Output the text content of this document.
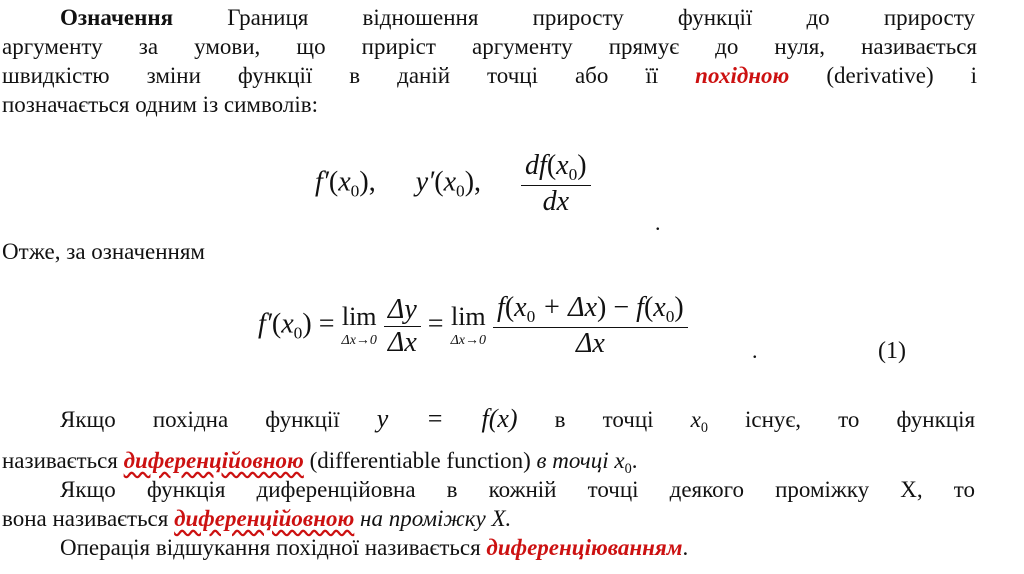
Означення Границя відношення приросту функції до приросту
аргументу за умови, що приріст аргументу прямує до нуля, називається
швидкістю зміни функції в даній точці або її похідною (derivative) і
позначається одним із символів:
$f'(x_0)$, $y'(x_0)$, $\frac{df(x_0)}{dx}$
.
Отже, за означенням
$f'(x_0) = \lim$
Δx→0
$\frac{\Delta y}{\Delta x} = \lim$
Δx→0
$\frac{f(x_0 + \Delta x) - f(x_0)}{\Delta x}$	.	(1)
Якщо похідна функції y = f(x) в точці $x_0$ існує, то функція
називається диференційовною (differentiable function) в точці $x_0$.
Якщо функція диференційовна в кожній точці деякого проміжку X, то
вона називається диференційовною на проміжку X.
Операція відшукання похідної називається диференціюванням.
